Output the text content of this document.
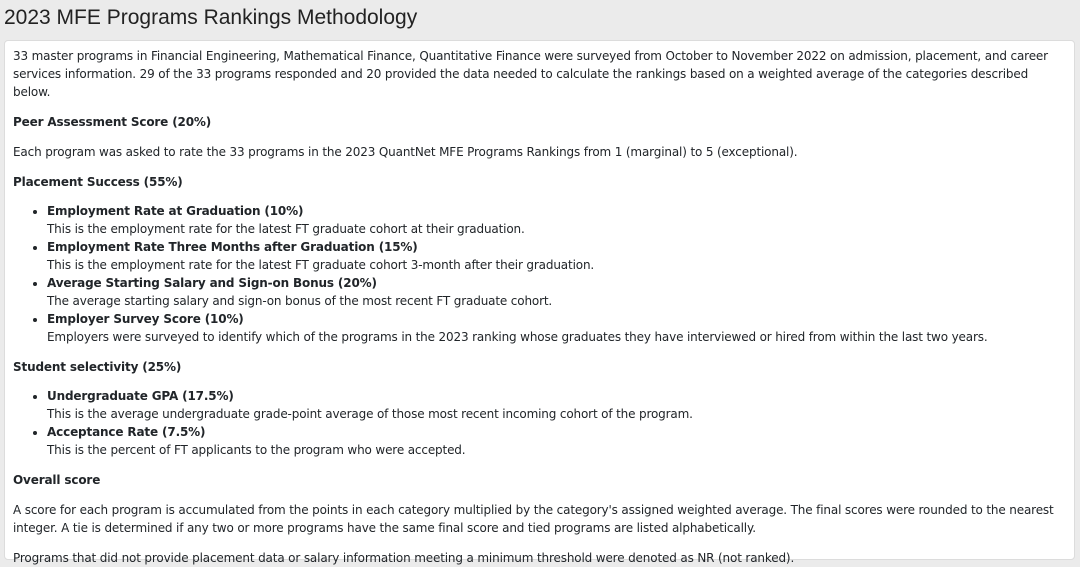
2023 MFE Programs Rankings Methodology

33 master programs in Financial Engineering, Mathematical Finance, Quantitative Finance were surveyed from October to November 2022 on admission, placement, and career services information. 29 of the 33 programs responded and 20 provided the data needed to calculate the rankings based on a weighted average of the categories described below.

Peer Assessment Score (20%)

Each program was asked to rate the 33 programs in the 2023 QuantNet MFE Programs Rankings from 1 (marginal) to 5 (exceptional).

Placement Success (55%)
• Employment Rate at Graduation (10%)
This is the employment rate for the latest FT graduate cohort at their graduation.
• Employment Rate Three Months after Graduation (15%)
This is the employment rate for the latest FT graduate cohort 3-month after their graduation.
• Average Starting Salary and Sign-on Bonus (20%)
The average starting salary and sign-on bonus of the most recent FT graduate cohort.
• Employer Survey Score (10%)
Employers were surveyed to identify which of the programs in the 2023 ranking whose graduates they have interviewed or hired from within the last two years.
Student selectivity (25%)
• Undergraduate GPA (17.5%)
This is the average undergraduate grade-point average of those most recent incoming cohort of the program.
• Acceptance Rate (7.5%)
This is the percent of FT applicants to the program who were accepted.
Overall score

A score for each program is accumulated from the points in each category multiplied by the category's assigned weighted average. The final scores were rounded to the nearest integer. A tie is determined if any two or more programs have the same final score and tied programs are listed alphabetically.

Programs that did not provide placement data or salary information meeting a minimum threshold were denoted as NR (not ranked).
